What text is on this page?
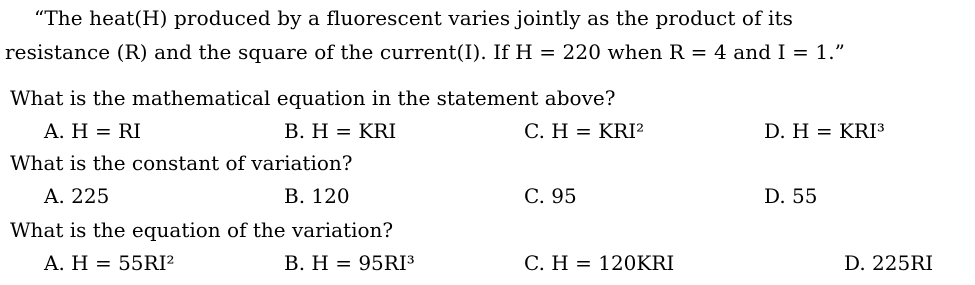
“The heat(H) produced by a fluorescent varies jointly as the product of its
resistance (R) and the square of the current(I). If H = 220 when R = 4 and I = 1.”
What is the mathematical equation in the statement above?
A. H = RI	B. H = KRI	C. H = KRI²	D. H = KRI³
What is the constant of variation?
A. 225	B. 120	C. 95	D. 55
What is the equation of the variation?
A. H = 55RI²	B. H = 95RI³	C. H = 120KRI	D. 225RI
